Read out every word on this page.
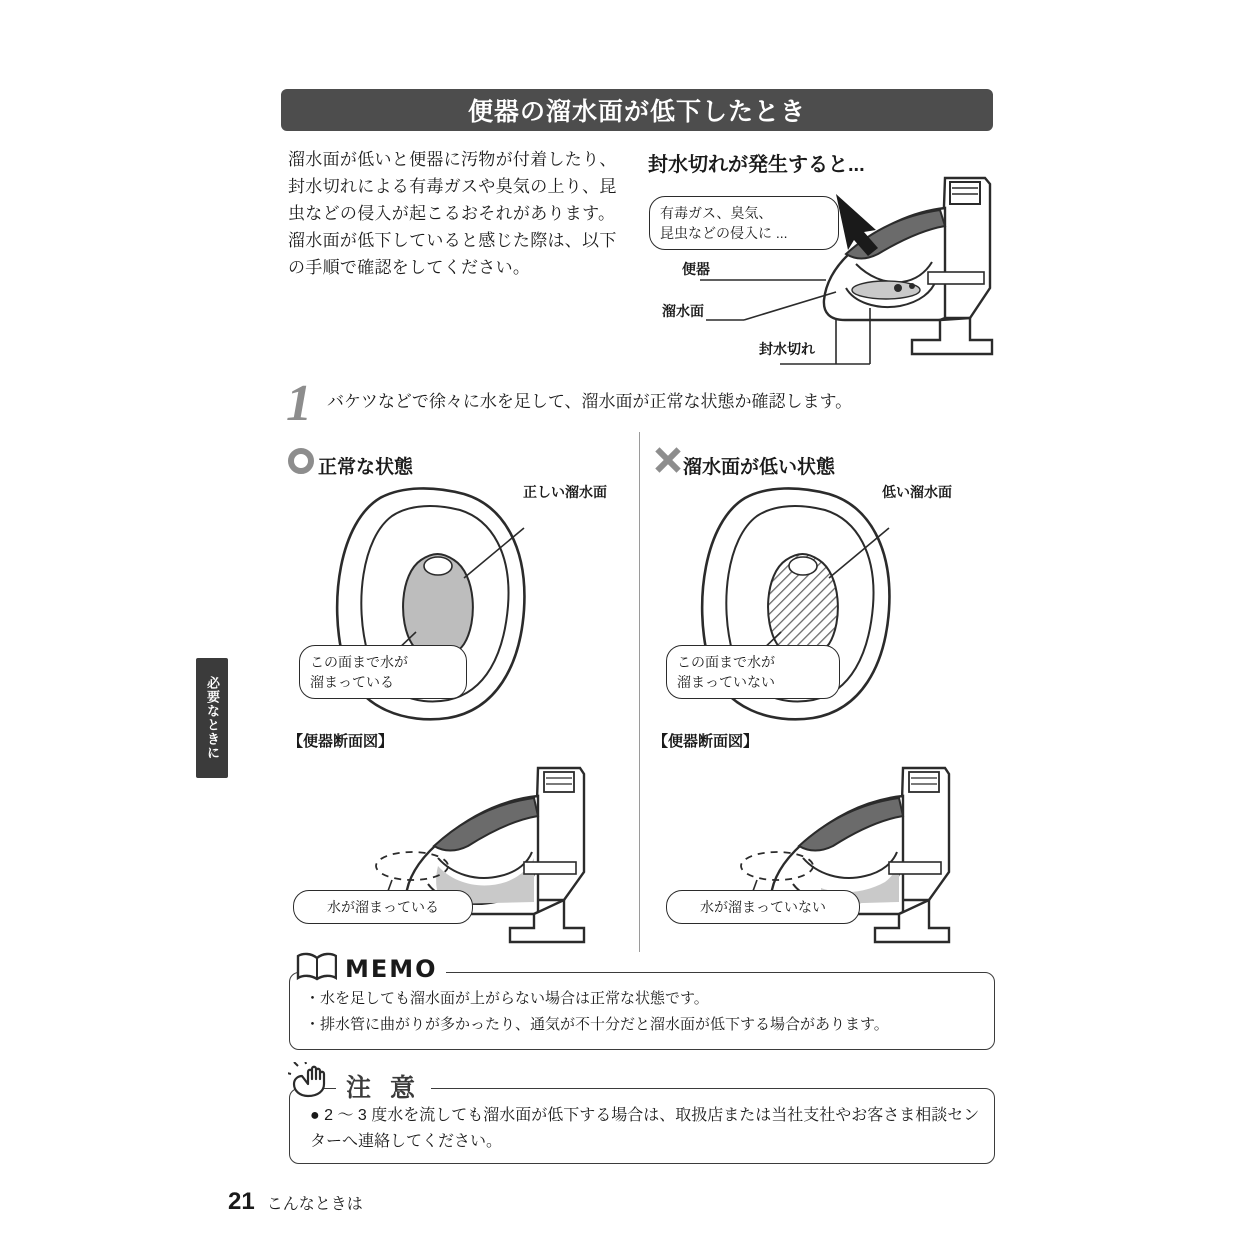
必要なときに
便器の溜水面が低下したとき

溜水面が低いと便器に汚物が付着したり、封水切れによる有毒ガスや臭気の上り、昆虫などの侵入が起こるおそれがあります。

溜水面が低下していると感じた際は、以下の手順で確認をしてください。

封水切れが発生すると...
有毒ガス、臭気、
昆虫などの侵入に ...
便器
溜水面
封水切れ
1 バケツなどで徐々に水を足して、溜水面が正常な状態か確認します。
正常な状態
【便器断面図】
正しい溜水面
この面まで水が
溜まっている
水が溜まっている
溜水面が低い状態
【便器断面図】
低い溜水面
この面まで水が
溜まっていない
水が溜まっていない
MEMO
・水を足しても溜水面が上がらない場合は正常な状態です。
・排水管に曲がりが多かったり、通気が不十分だと溜水面が低下する場合があります。
注 意
● 2 ～ 3 度水を流しても溜水面が低下する場合は、取扱店または当社支社やお客さま相談センターへ連絡してください。
21 こんなときは
